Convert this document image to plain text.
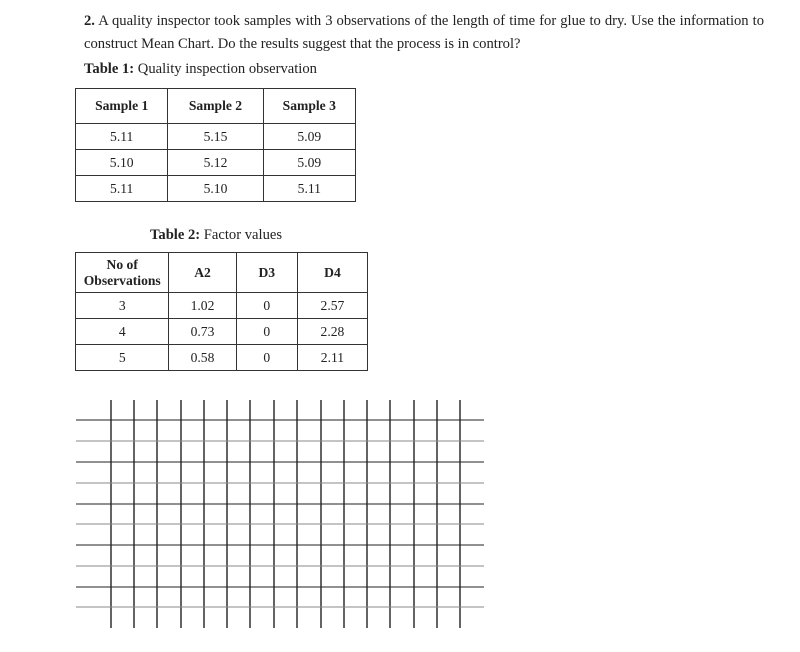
2. A quality inspector took samples with 3 observations of the length of time for glue to dry. Use the information to construct Mean Chart. Do the results suggest that the process is in control?
Table 1: Quality inspection observation
Sample 1	Sample 2	Sample 3
5.11	5.15	5.09
5.10	5.12	5.09
5.11	5.10	5.11
Table 2: Factor values
No of Observations	A2	D3	D4
3	1.02	0	2.57
4	0.73	0	2.28
5	0.58	0	2.11
